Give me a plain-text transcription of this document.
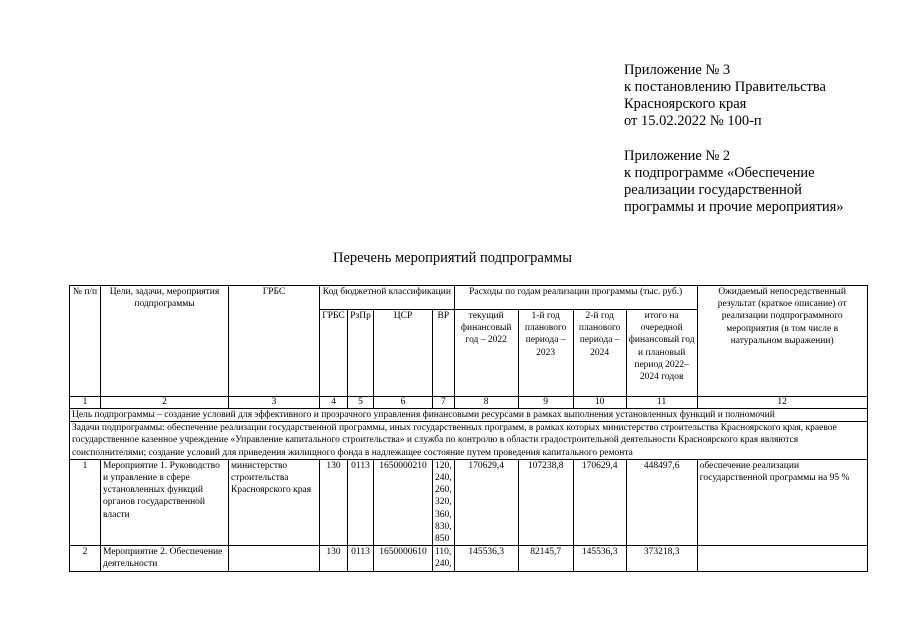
Приложение № 3
к постановлению Правительства
Красноярского края
от 15.02.2022 № 100-п
Приложение № 2
к подпрограмме «Обеспечение
реализации государственной
программы и прочие мероприятия»
Перечень мероприятий подпрограммы
№ п/п	Цели, задачи, мероприятия подпрограммы	ГРБС	Код бюджетной классификации				Расходы по годам реализации программы (тыс. руб.)				Ожидаемый непосредственный результат (краткое описание) от реализации подпрограммного мероприятия (в том числе в натуральном выражении)
			ГРБС	РзПр	ЦСР	ВР	текущий финансовый год – 2022	1-й год планового периода – 2023	2-й год планового периода – 2024	итого на очередной финансовый год и плановый период 2022–2024 годов	
1	2	3	4	5	6	7	8	9	10	11	12
Цель подпрограммы – создание условий для эффективного и прозрачного управления финансовыми ресурсами в рамках выполнения установленных функций и полномочий											
Задачи подпрограммы: обеспечение реализации государственной программы, иных государственных программ, в рамках которых министерство строительства Красноярского края, краевое государственное казенное учреждение «Управление капитального строительства» и служба по контролю в области градостроительной деятельности Красноярского края являются соисполнителями; создание условий для приведения жилищного фонда в надлежащее состояние путем проведения капитального ремонта											
1	Мероприятие 1. Руководство и управление в сфере установленных функций органов государственной власти	министерство строительства Красноярского края	130	0113	1650000210	120, 240, 260, 320, 360, 830, 850	170629,4	107238,8	170629,4	448497,6	обеспечение реализации государственной программы на 95 %
2	Мероприятие 2. Обеспечение деятельности		130	0113	1650000610	110, 240,	145536,3	82145,7	145536,3	373218,3	
